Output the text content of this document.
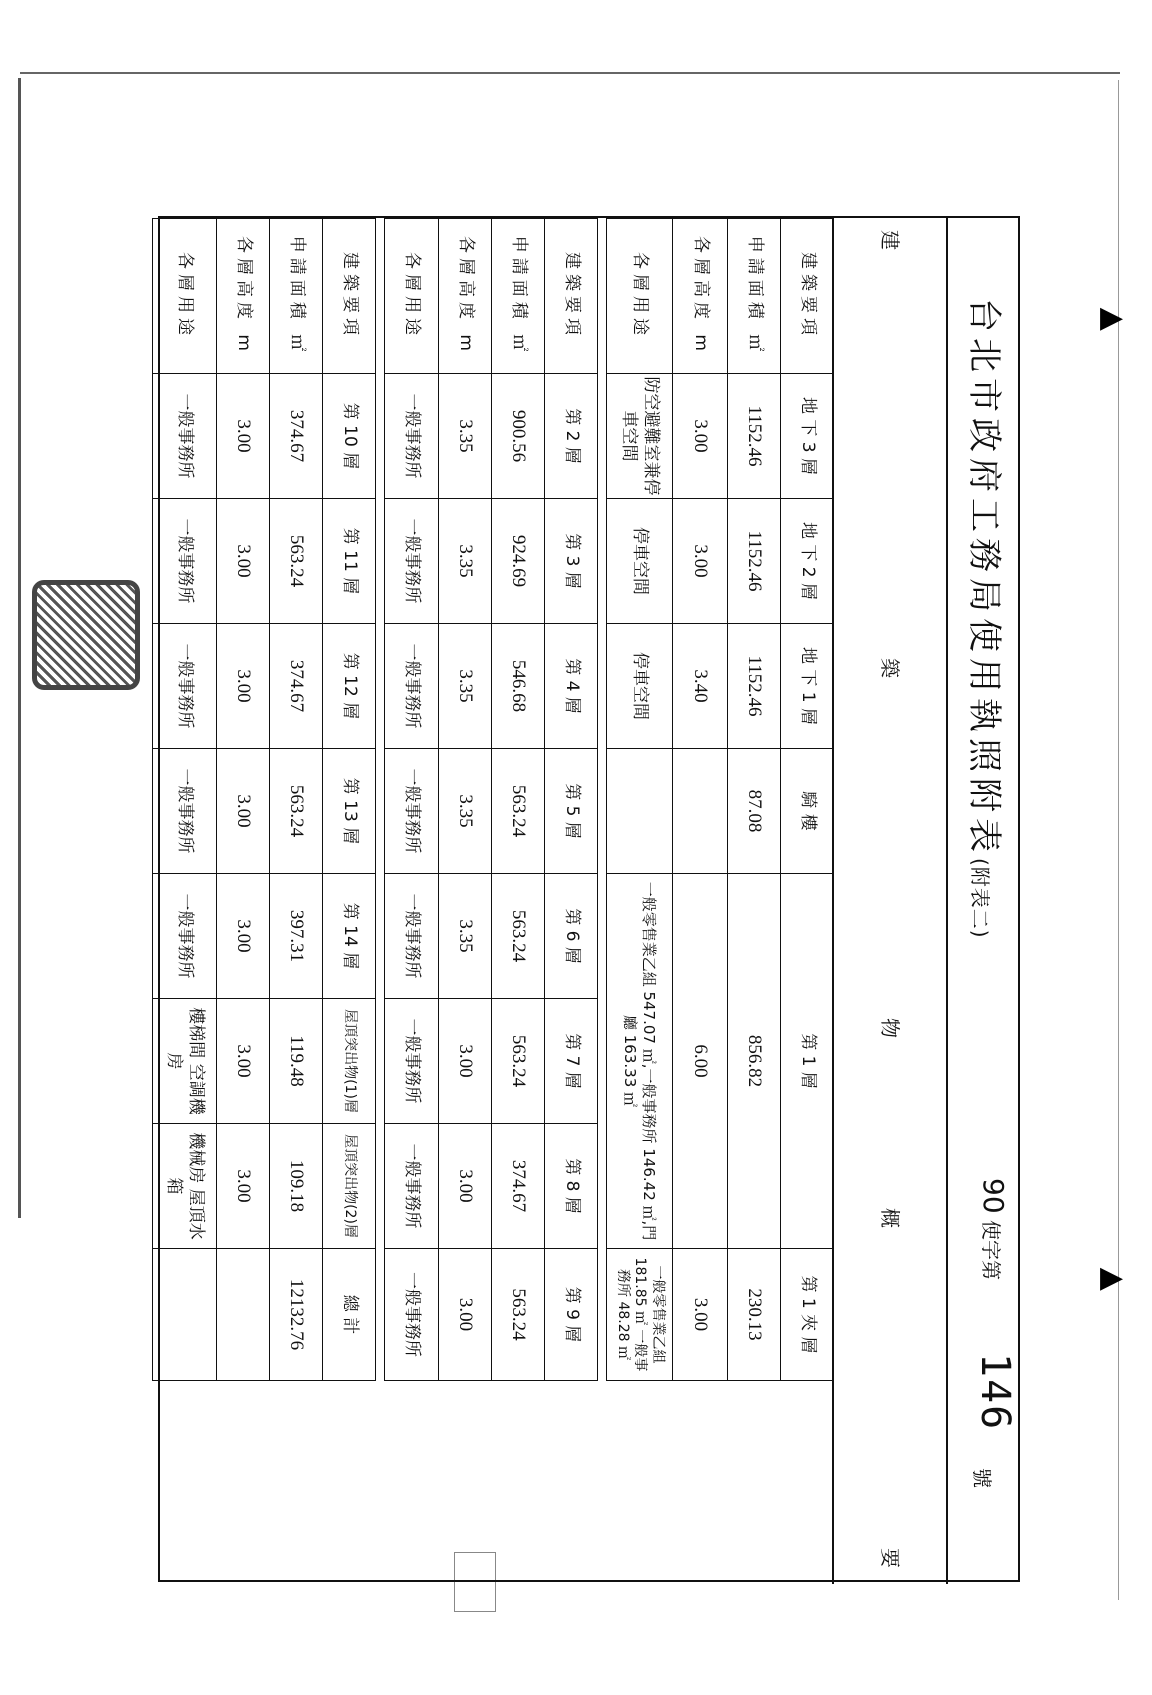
▶
▶
台北市政府工務局使用執照附表(附表二)
90 使字第
146
號
建
築
物
概
要
建築要項	地 下 3 層	地 下 2 層	地 下 1 層	騎 樓	第 1 層			第 1 夾 層
申請面積 ㎡	1152.46	1152.46	1152.46	87.08	856.82			230.13
各層高度 m	3.00	3.00	3.40		6.00			3.00
各層用途	防空避難室兼停車空間	停車空間	停車空間		一般零售業乙組 547.07 ㎡,一般事務所 146.42 ㎡,門廳 163.33 ㎡			一般零售業乙組 181.85 ㎡ 一般事務所 48.28 ㎡

建築要項	第 2 層	第 3 層	第 4 層	第 5 層	第 6 層	第 7 層	第 8 層	第 9 層
申請面積 ㎡	900.56	924.69	546.68	563.24	563.24	563.24	374.67	563.24
各層高度 m	3.35	3.35	3.35	3.35	3.35	3.00	3.00	3.00
各層用途	一般事務所	一般事務所	一般事務所	一般事務所	一般事務所	一般事務所	一般事務所	一般事務所

建築要項	第 10 層	第 11 層	第 12 層	第 13 層	第 14 層	屋頂突出物(1)層	屋頂突出物(2)層	總 計
申請面積 ㎡	374.67	563.24	374.67	563.24	397.31	119.48	109.18	12132.76
各層高度 m	3.00	3.00	3.00	3.00	3.00	3.00	3.00	
各層用途	一般事務所	一般事務所	一般事務所	一般事務所	一般事務所	樓梯間 空調機房	機械房 屋頂水箱	
